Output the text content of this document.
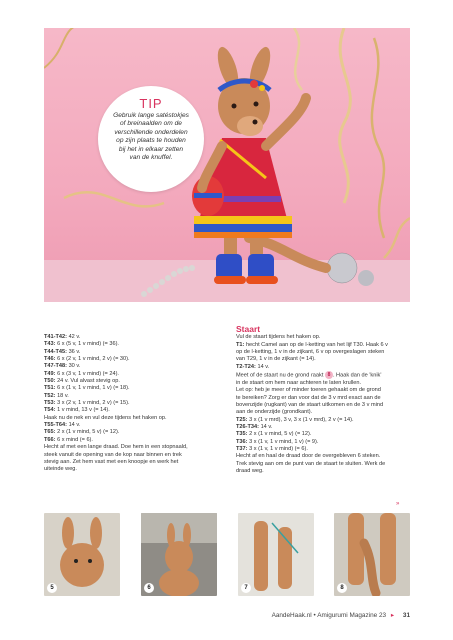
TIP
Gebruik lange satéstokjes
of breinaalden om de
verschillende onderdelen
op zijn plaats te houden
bij het in elkaar zetten
van de knuffel.
T41-T42: 42 v.
T43: 6 x (5 v, 1 v mind) (= 36).
T44-T45: 36 v.
T46: 6 x (2 v, 1 v mind, 2 v) (= 30).
T47-T48: 30 v.
T49: 6 x (3 v, 1 v mind) (= 24).
T50: 24 v. Vul alvast stevig op.
T51: 6 x (1 v, 1 v mind, 1 v) (= 18).
T52: 18 v.
T53: 3 x (2 v, 1 v mind, 2 v) (= 15).
T54: 1 v mind, 13 v (= 14).
Haak nu de nek en vul deze tijdens het haken op.
T55-T64: 14 v.
T65: 2 x (1 v mind, 5 v) (= 12).
T66: 6 x mind (= 6).
Hecht af met een lange draad. Doe hem in een stopnaald,
steek vanuit de opening van de kop naar binnen en trek
stevig aan. Zet hem vast met een knoopje en werk het
uiteinde weg.
Staart
Vul de staart tijdens het haken op.
T1: hecht Camel aan op de l-ketting van het lijf T30. Haak 6 v
op de l-ketting, 1 v in de zijkant, 6 v op overgeslagen steken
van T29, 1 v in de zijkant (= 14).
T2-T24: 14 v.
Meet of de staart nu de grond raakt 8 . Haak dan de 'knik'
in de staart om hem naar achteren te laten krullen.
Let op: heb je meer of minder toeren gehaakt om de grond
te bereiken? Zorg er dan voor dat de 3 v mrd exact aan de
bovenzijde (rugkant) van de staart uitkomen en de 3 v mind
aan de onderzijde (grondkant).
T25: 3 x (1 v mrd), 3 v, 3 x (1 v mrd), 2 v (= 14).
T26-T34: 14 v.
T35: 2 x (1 v mind, 5 v) (= 12).
T36: 3 x (1 v, 1 v mind, 1 v) (= 9).
T37: 3 x (1 v, 1 v mind) (= 6).
Hecht af en haal de draad door de overgebleven 6 steken.
Trek stevig aan om de punt van de staart te sluiten. Werk de
draad weg.
»
5	6	7	8
AandeHaak.nl • Amigurumi Magazine 23 ▸ 31
